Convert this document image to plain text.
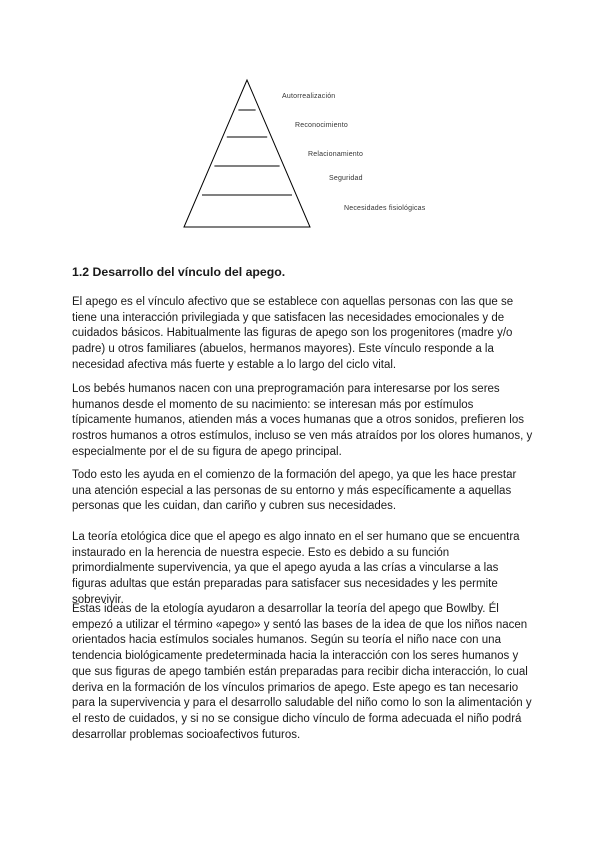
Autorrealización
Reconocimiento
Relacionamiento
Seguridad
Necesidades fisiológicas
1.2 Desarrollo del vínculo del apego.

El apego es el vínculo afectivo que se establece con aquellas personas con las que se tiene una interacción privilegiada y que satisfacen las necesidades emocionales y de cuidados básicos. Habitualmente las figuras de apego son los progenitores (madre y/o padre) u otros familiares (abuelos, hermanos mayores). Este vínculo responde a la necesidad afectiva más fuerte y estable a lo largo del ciclo vital.

Los bebés humanos nacen con una preprogramación para interesarse por los seres humanos desde el momento de su nacimiento: se interesan más por estímulos típicamente humanos, atienden más a voces humanas que a otros sonidos, prefieren los rostros humanos a otros estímulos, incluso se ven más atraídos por los olores humanos, y especialmente por el de su figura de apego principal.

Todo esto les ayuda en el comienzo de la formación del apego, ya que les hace prestar una atención especial a las personas de su entorno y más específicamente a aquellas personas que les cuidan, dan cariño y cubren sus necesidades.

La teoría etológica dice que el apego es algo innato en el ser humano que se encuentra instaurado en la herencia de nuestra especie. Esto es debido a su función primordialmente supervivencia, ya que el apego ayuda a las crías a vincularse a las figuras adultas que están preparadas para satisfacer sus necesidades y les permite sobrevivir.

Estas ideas de la etología ayudaron a desarrollar la teoría del apego que Bowlby. Él empezó a utilizar el término «apego» y sentó las bases de la idea de que los niños nacen orientados hacia estímulos sociales humanos. Según su teoría el niño nace con una tendencia biológicamente predeterminada hacia la interacción con los seres humanos y que sus figuras de apego también están preparadas para recibir dicha interacción, lo cual deriva en la formación de los vínculos primarios de apego. Este apego es tan necesario para la supervivencia y para el desarrollo saludable del niño como lo son la alimentación y el resto de cuidados, y si no se consigue dicho vínculo de forma adecuada el niño podrá desarrollar problemas socioafectivos futuros.
